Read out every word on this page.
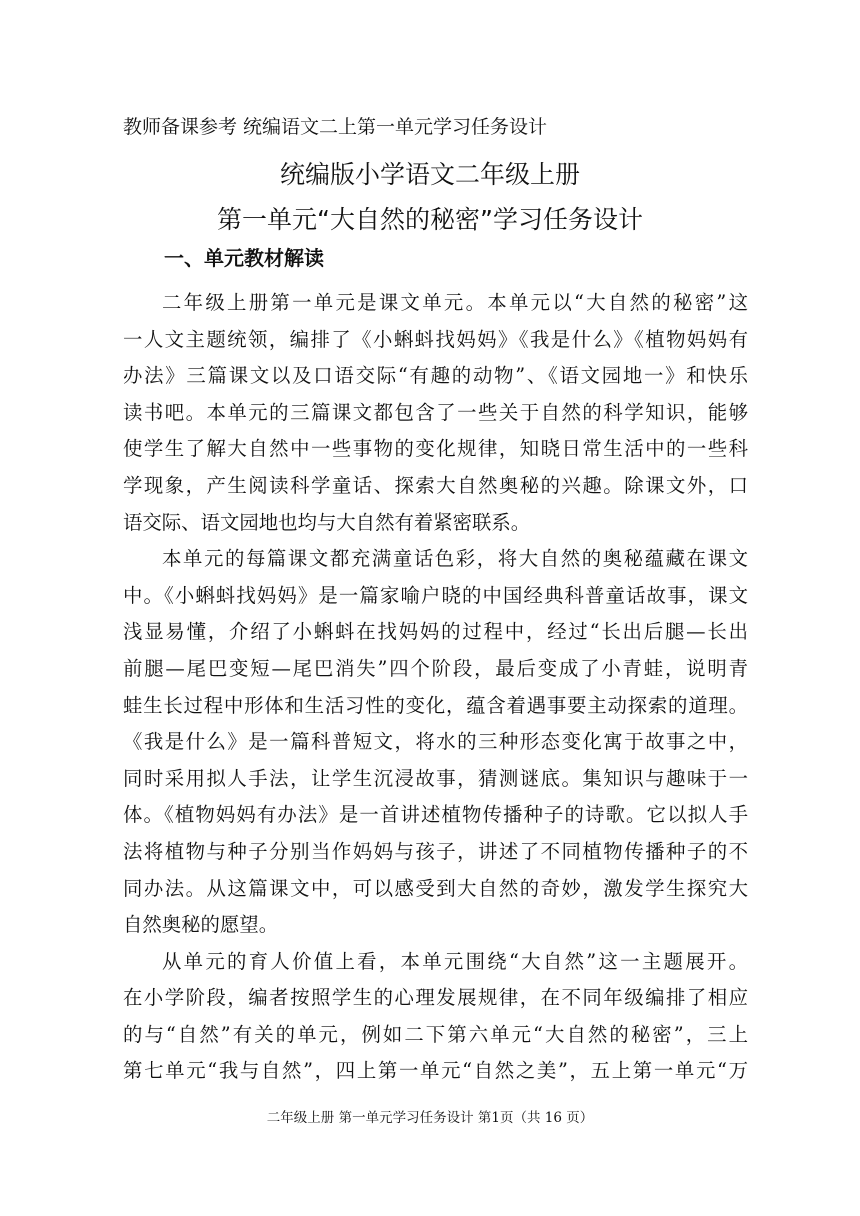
教师备课参考 统编语文二上第一单元学习任务设计
统编版小学语文二年级上册
第一单元“大自然的秘密”学习任务设计
一、单元教材解读
二年级上册第一单元是课文单元。本单元以“大自然的秘密”这
一人文主题统领，编排了《小蝌蚪找妈妈》《我是什么》《植物妈妈有
办法》三篇课文以及口语交际“有趣的动物”、《语文园地一》和快乐
读书吧。本单元的三篇课文都包含了一些关于自然的科学知识，能够
使学生了解大自然中一些事物的变化规律，知晓日常生活中的一些科
学现象，产生阅读科学童话、探索大自然奥秘的兴趣。除课文外，口
语交际、语文园地也均与大自然有着紧密联系。
本单元的每篇课文都充满童话色彩，将大自然的奥秘蕴藏在课文
中。《小蝌蚪找妈妈》是一篇家喻户晓的中国经典科普童话故事，课文
浅显易懂，介绍了小蝌蚪在找妈妈的过程中，经过“长出后腿—长出
前腿—尾巴变短—尾巴消失”四个阶段，最后变成了小青蛙，说明青
蛙生长过程中形体和生活习性的变化，蕴含着遇事要主动探索的道理。
《我是什么》是一篇科普短文，将水的三种形态变化寓于故事之中，
同时采用拟人手法，让学生沉浸故事，猜测谜底。集知识与趣味于一
体。《植物妈妈有办法》是一首讲述植物传播种子的诗歌。它以拟人手
法将植物与种子分别当作妈妈与孩子，讲述了不同植物传播种子的不
同办法。从这篇课文中，可以感受到大自然的奇妙，激发学生探究大
自然奥秘的愿望。
从单元的育人价值上看，本单元围绕“大自然”这一主题展开。
在小学阶段，编者按照学生的心理发展规律，在不同年级编排了相应
的与“自然”有关的单元，例如二下第六单元“大自然的秘密”，三上
第七单元“我与自然”，四上第一单元“自然之美”，五上第一单元“万
二年级上册 第一单元学习任务设计 第1页（共 16 页）
